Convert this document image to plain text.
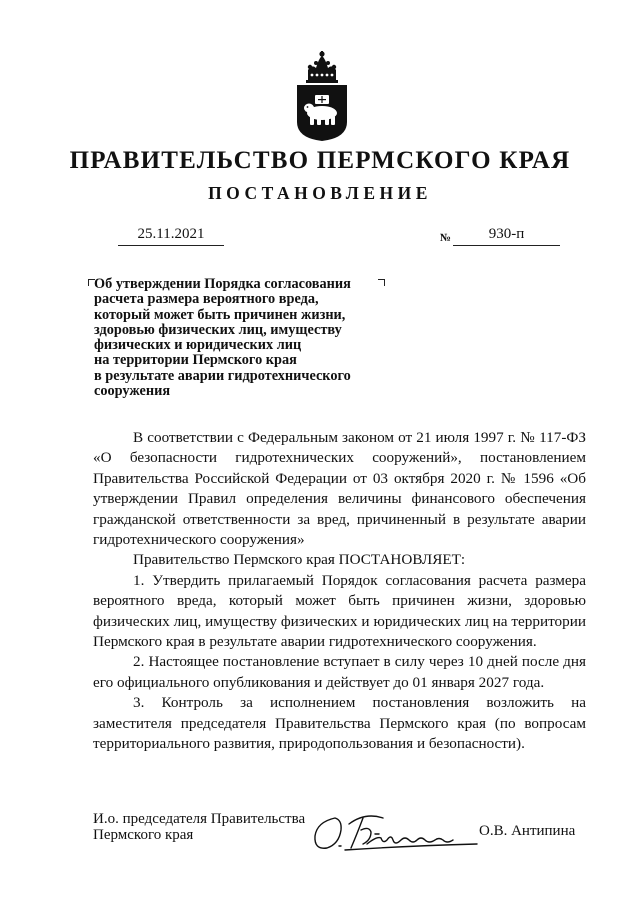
ПРАВИТЕЛЬСТВО ПЕРМСКОГО КРАЯ
ПОСТАНОВЛЕНИЕ
25.11.2021	№	930-п
Об утверждении Порядка согласования
расчета размера вероятного вреда,
который может быть причинен жизни,
здоровью физических лиц, имуществу
физических и юридических лиц
на территории Пермского края
в результате аварии гидротехнического
сооружения

В соответствии с Федеральным законом от 21 июля 1997 г. № 117-ФЗ «О безопасности гидротехнических сооружений», постановлением Правительства Российской Федерации от 03 октября 2020 г. № 1596 «Об утверждении Правил определения величины финансового обеспечения гражданской ответственности за вред, причиненный в результате аварии гидротехнического сооружения»

Правительство Пермского края ПОСТАНОВЛЯЕТ:

1. Утвердить прилагаемый Порядок согласования расчета размера вероятного вреда, который может быть причинен жизни, здоровью физических лиц, имуществу физических и юридических лиц на территории Пермского края в результате аварии гидротехнического сооружения.

2. Настоящее постановление вступает в силу через 10 дней после дня его официального опубликования и действует до 01 января 2027 года.

3. Контроль за исполнением постановления возложить на заместителя председателя Правительства Пермского края (по вопросам территориального развития, природопользования и безопасности).

И.о. председателя Правительства
Пермского края	О.В. Антипина
